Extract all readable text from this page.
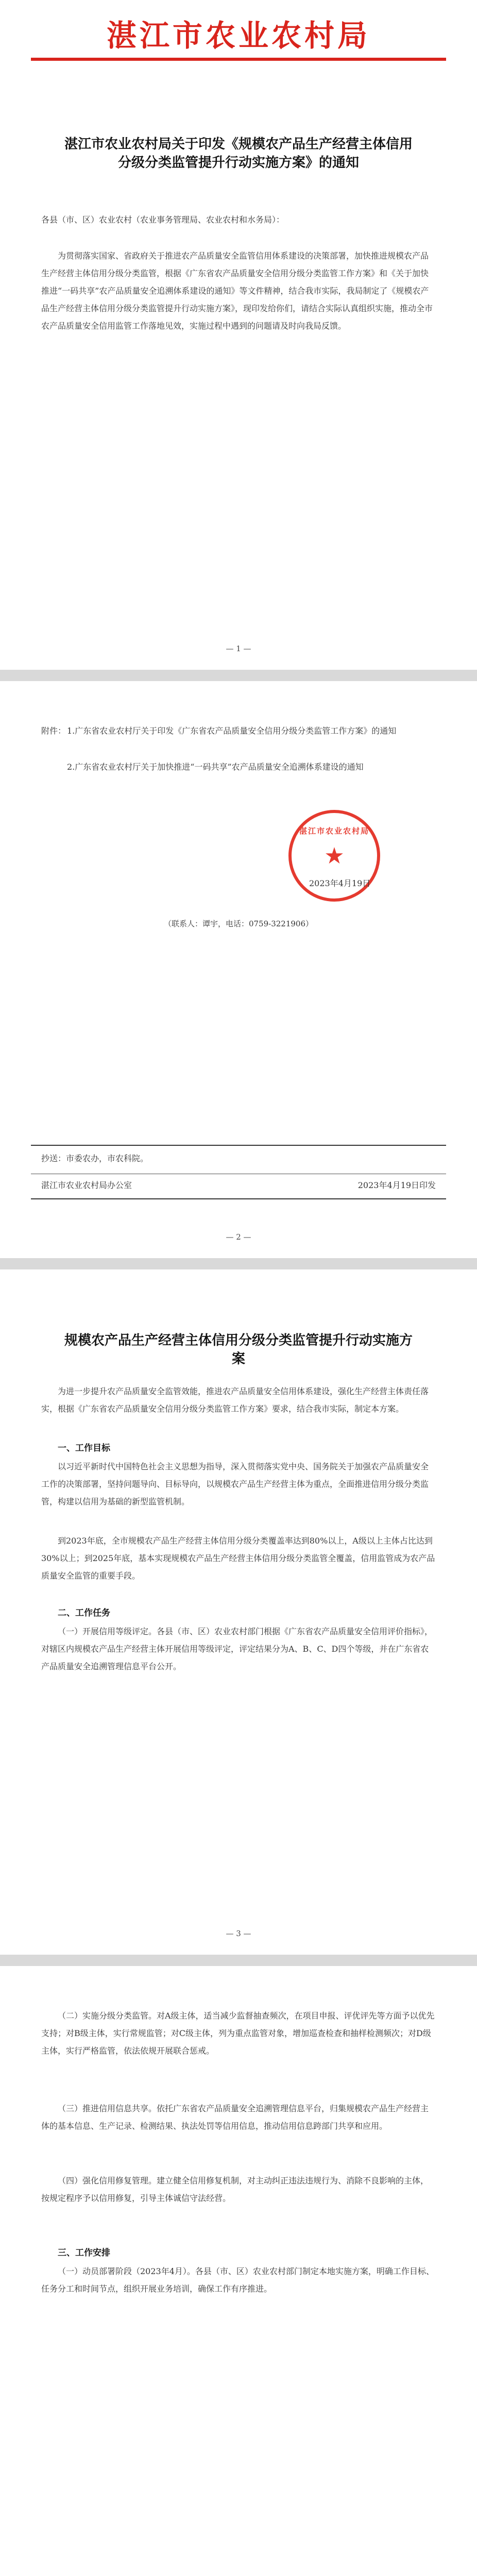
湛江市农业农村局
湛江市农业农村局关于印发《规模农产品生产经营主体信用分级分类监管提升行动实施方案》的通知
各县（市、区）农业农村（农业事务管理局、农业农村和水务局）：
为贯彻落实国家、省政府关于推进农产品质量安全监管信用体系建设的决策部署，加快推进规模农产品生产经营主体信用分级分类监管，根据《广东省农产品质量安全信用分级分类监管工作方案》和《关于加快推进“一码共享”农产品质量安全追溯体系建设的通知》等文件精神，结合我市实际，我局制定了《规模农产品生产经营主体信用分级分类监管提升行动实施方案》，现印发给你们，请结合实际认真组织实施，推动全市农产品质量安全信用监管工作落地见效，实施过程中遇到的问题请及时向我局反馈。
— 1 —
附件： 1.广东省农业农村厅关于印发《广东省农产品质量安全信用分级分类监管工作方案》的通知
2.广东省农业农村厅关于加快推进“一码共享”农产品质量安全追溯体系建设的通知
湛江市农业农村局
★
2023年4月19日
（联系人：谭宇，电话：0759-3221906）
抄送：市委农办，市农科院。
湛江市农业农村局办公室	2023年4月19日印发
— 2 —
规模农产品生产经营主体信用分级分类监管提升行动实施方案
为进一步提升农产品质量安全监管效能，推进农产品质量安全信用体系建设，强化生产经营主体责任落实，根据《广东省农产品质量安全信用分级分类监管工作方案》要求，结合我市实际，制定本方案。
一、工作目标
以习近平新时代中国特色社会主义思想为指导，深入贯彻落实党中央、国务院关于加强农产品质量安全工作的决策部署，坚持问题导向、目标导向，以规模农产品生产经营主体为重点，全面推进信用分级分类监管，构建以信用为基础的新型监管机制。
到2023年底，全市规模农产品生产经营主体信用分级分类覆盖率达到80%以上，A级以上主体占比达到30%以上；到2025年底，基本实现规模农产品生产经营主体信用分级分类监管全覆盖，信用监管成为农产品质量安全监管的重要手段。
二、工作任务
（一）开展信用等级评定。各县（市、区）农业农村部门根据《广东省农产品质量安全信用评价指标》，对辖区内规模农产品生产经营主体开展信用等级评定，评定结果分为A、B、C、D四个等级，并在广东省农产品质量安全追溯管理信息平台公开。
— 3 —
（二）实施分级分类监管。对A级主体，适当减少监督抽查频次，在项目申报、评优评先等方面予以优先支持；对B级主体，实行常规监管；对C级主体，列为重点监管对象，增加巡查检查和抽样检测频次；对D级主体，实行严格监管，依法依规开展联合惩戒。
（三）推进信用信息共享。依托广东省农产品质量安全追溯管理信息平台，归集规模农产品生产经营主体的基本信息、生产记录、检测结果、执法处罚等信用信息，推动信用信息跨部门共享和应用。
（四）强化信用修复管理。建立健全信用修复机制，对主动纠正违法违规行为、消除不良影响的主体，按规定程序予以信用修复，引导主体诚信守法经营。
三、工作安排
（一）动员部署阶段（2023年4月）。各县（市、区）农业农村部门制定本地实施方案，明确工作目标、任务分工和时间节点，组织开展业务培训，确保工作有序推进。
